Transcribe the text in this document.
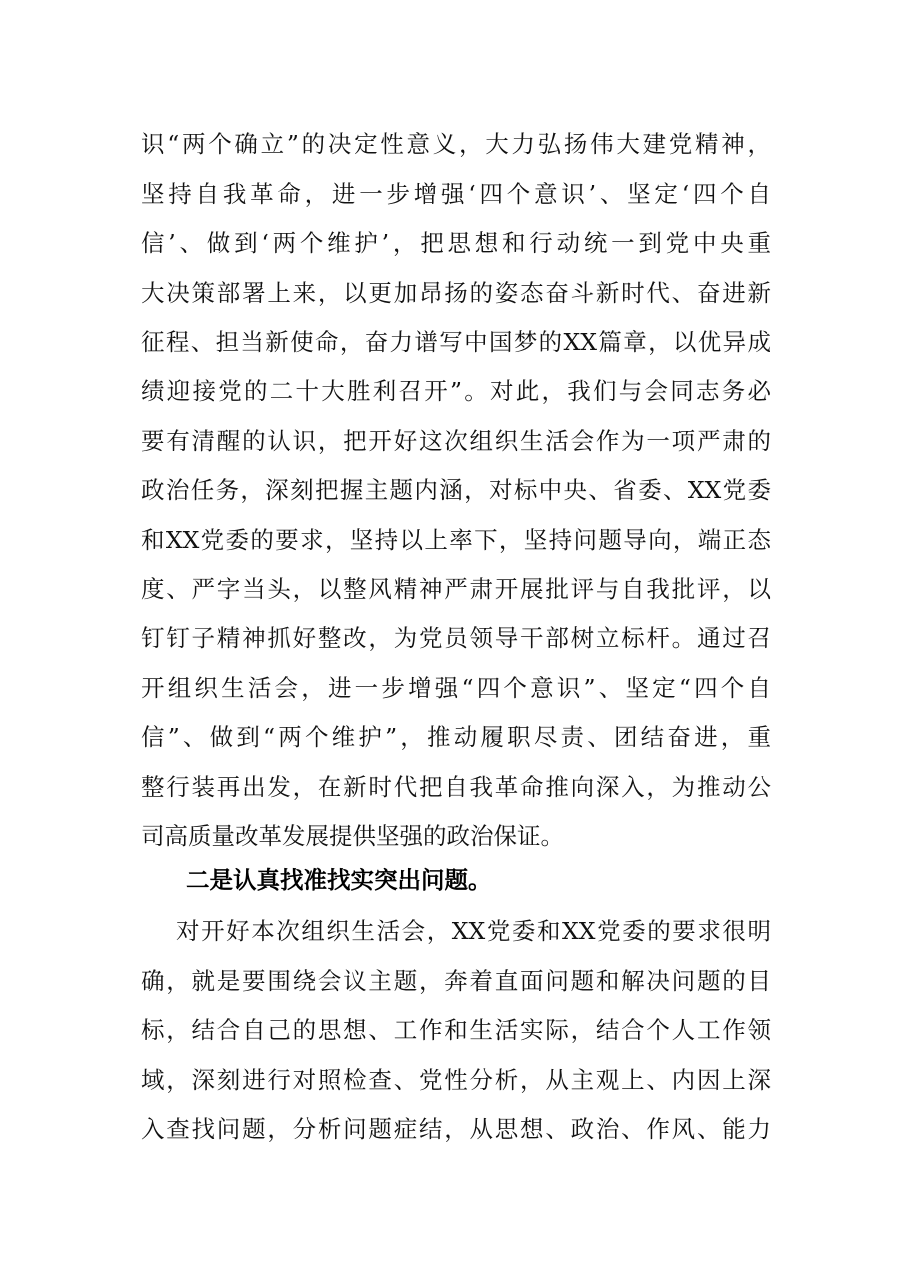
识“两个确立”的决定性意义，大力弘扬伟大建党精神，
坚持自我革命，进一步增强‘四个意识’、坚定‘四个自
信’、做到‘两个维护’，把思想和行动统一到党中央重
大决策部署上来，以更加昂扬的姿态奋斗新时代、奋进新
征程、担当新使命，奋力谱写中国梦的XX篇章，以优异成
绩迎接党的二十大胜利召开”。对此，我们与会同志务必
要有清醒的认识，把开好这次组织生活会作为一项严肃的
政治任务，深刻把握主题内涵，对标中央、省委、XX党委
和XX党委的要求，坚持以上率下，坚持问题导向，端正态
度、严字当头，以整风精神严肃开展批评与自我批评，以
钉钉子精神抓好整改，为党员领导干部树立标杆。通过召
开组织生活会，进一步增强“四个意识”、坚定“四个自
信”、做到“两个维护”，推动履职尽责、团结奋进，重
整行装再出发，在新时代把自我革命推向深入，为推动公
司高质量改革发展提供坚强的政治保证。
二是认真找准找实突出问题。
对开好本次组织生活会，XX党委和XX党委的要求很明
确，就是要围绕会议主题，奔着直面问题和解决问题的目
标，结合自己的思想、工作和生活实际，结合个人工作领
域，深刻进行对照检查、党性分析，从主观上、内因上深
入查找问题，分析问题症结，从思想、政治、作风、能力
